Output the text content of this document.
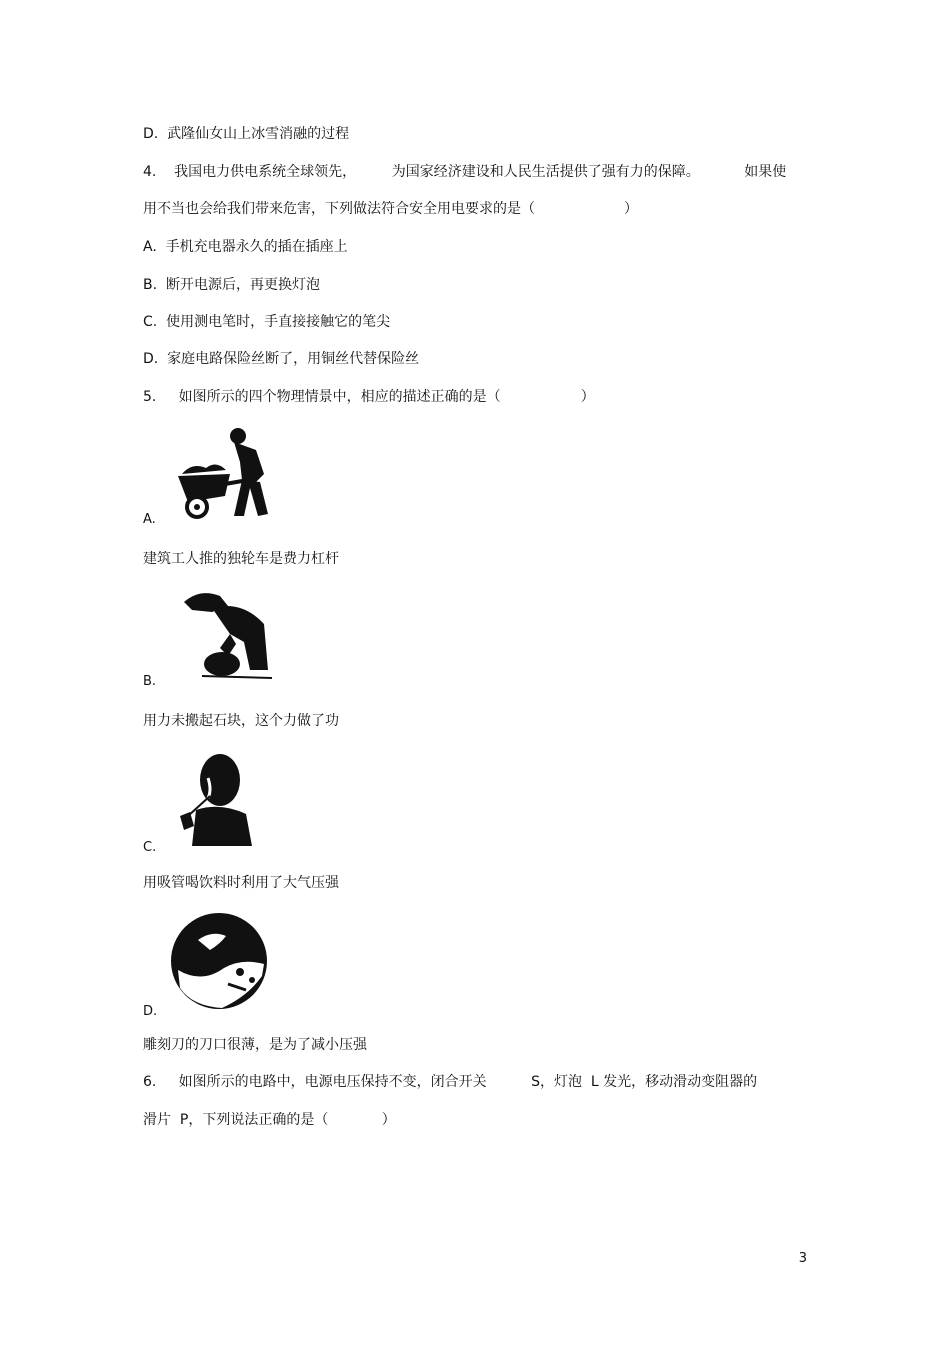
D.  武隆仙女山上冰雪消融的过程
4.    我国电力供电系统全球领先，        为国家经济建设和人民生活提供了强有力的保障。          如果使
用不当也会给我们带来危害，下列做法符合安全用电要求的是（                    ）
A.  手机充电器永久的插在插座上
B.  断开电源后，再更换灯泡
C.  使用测电笔时，手直接接触它的笔尖
D.  家庭电路保险丝断了，用铜丝代替保险丝
5.     如图所示的四个物理情景中，相应的描述正确的是（                  ）
A.
建筑工人推的独轮车是费力杠杆
B.
用力未搬起石块，这个力做了功
C.
用吸管喝饮料时利用了大气压强
D.
雕刻刀的刀口很薄，是为了减小压强
6.     如图所示的电路中，电源电压保持不变，闭合开关          S，灯泡  L 发光，移动滑动变阻器的
滑片  P，下列说法正确的是（            ）
3
